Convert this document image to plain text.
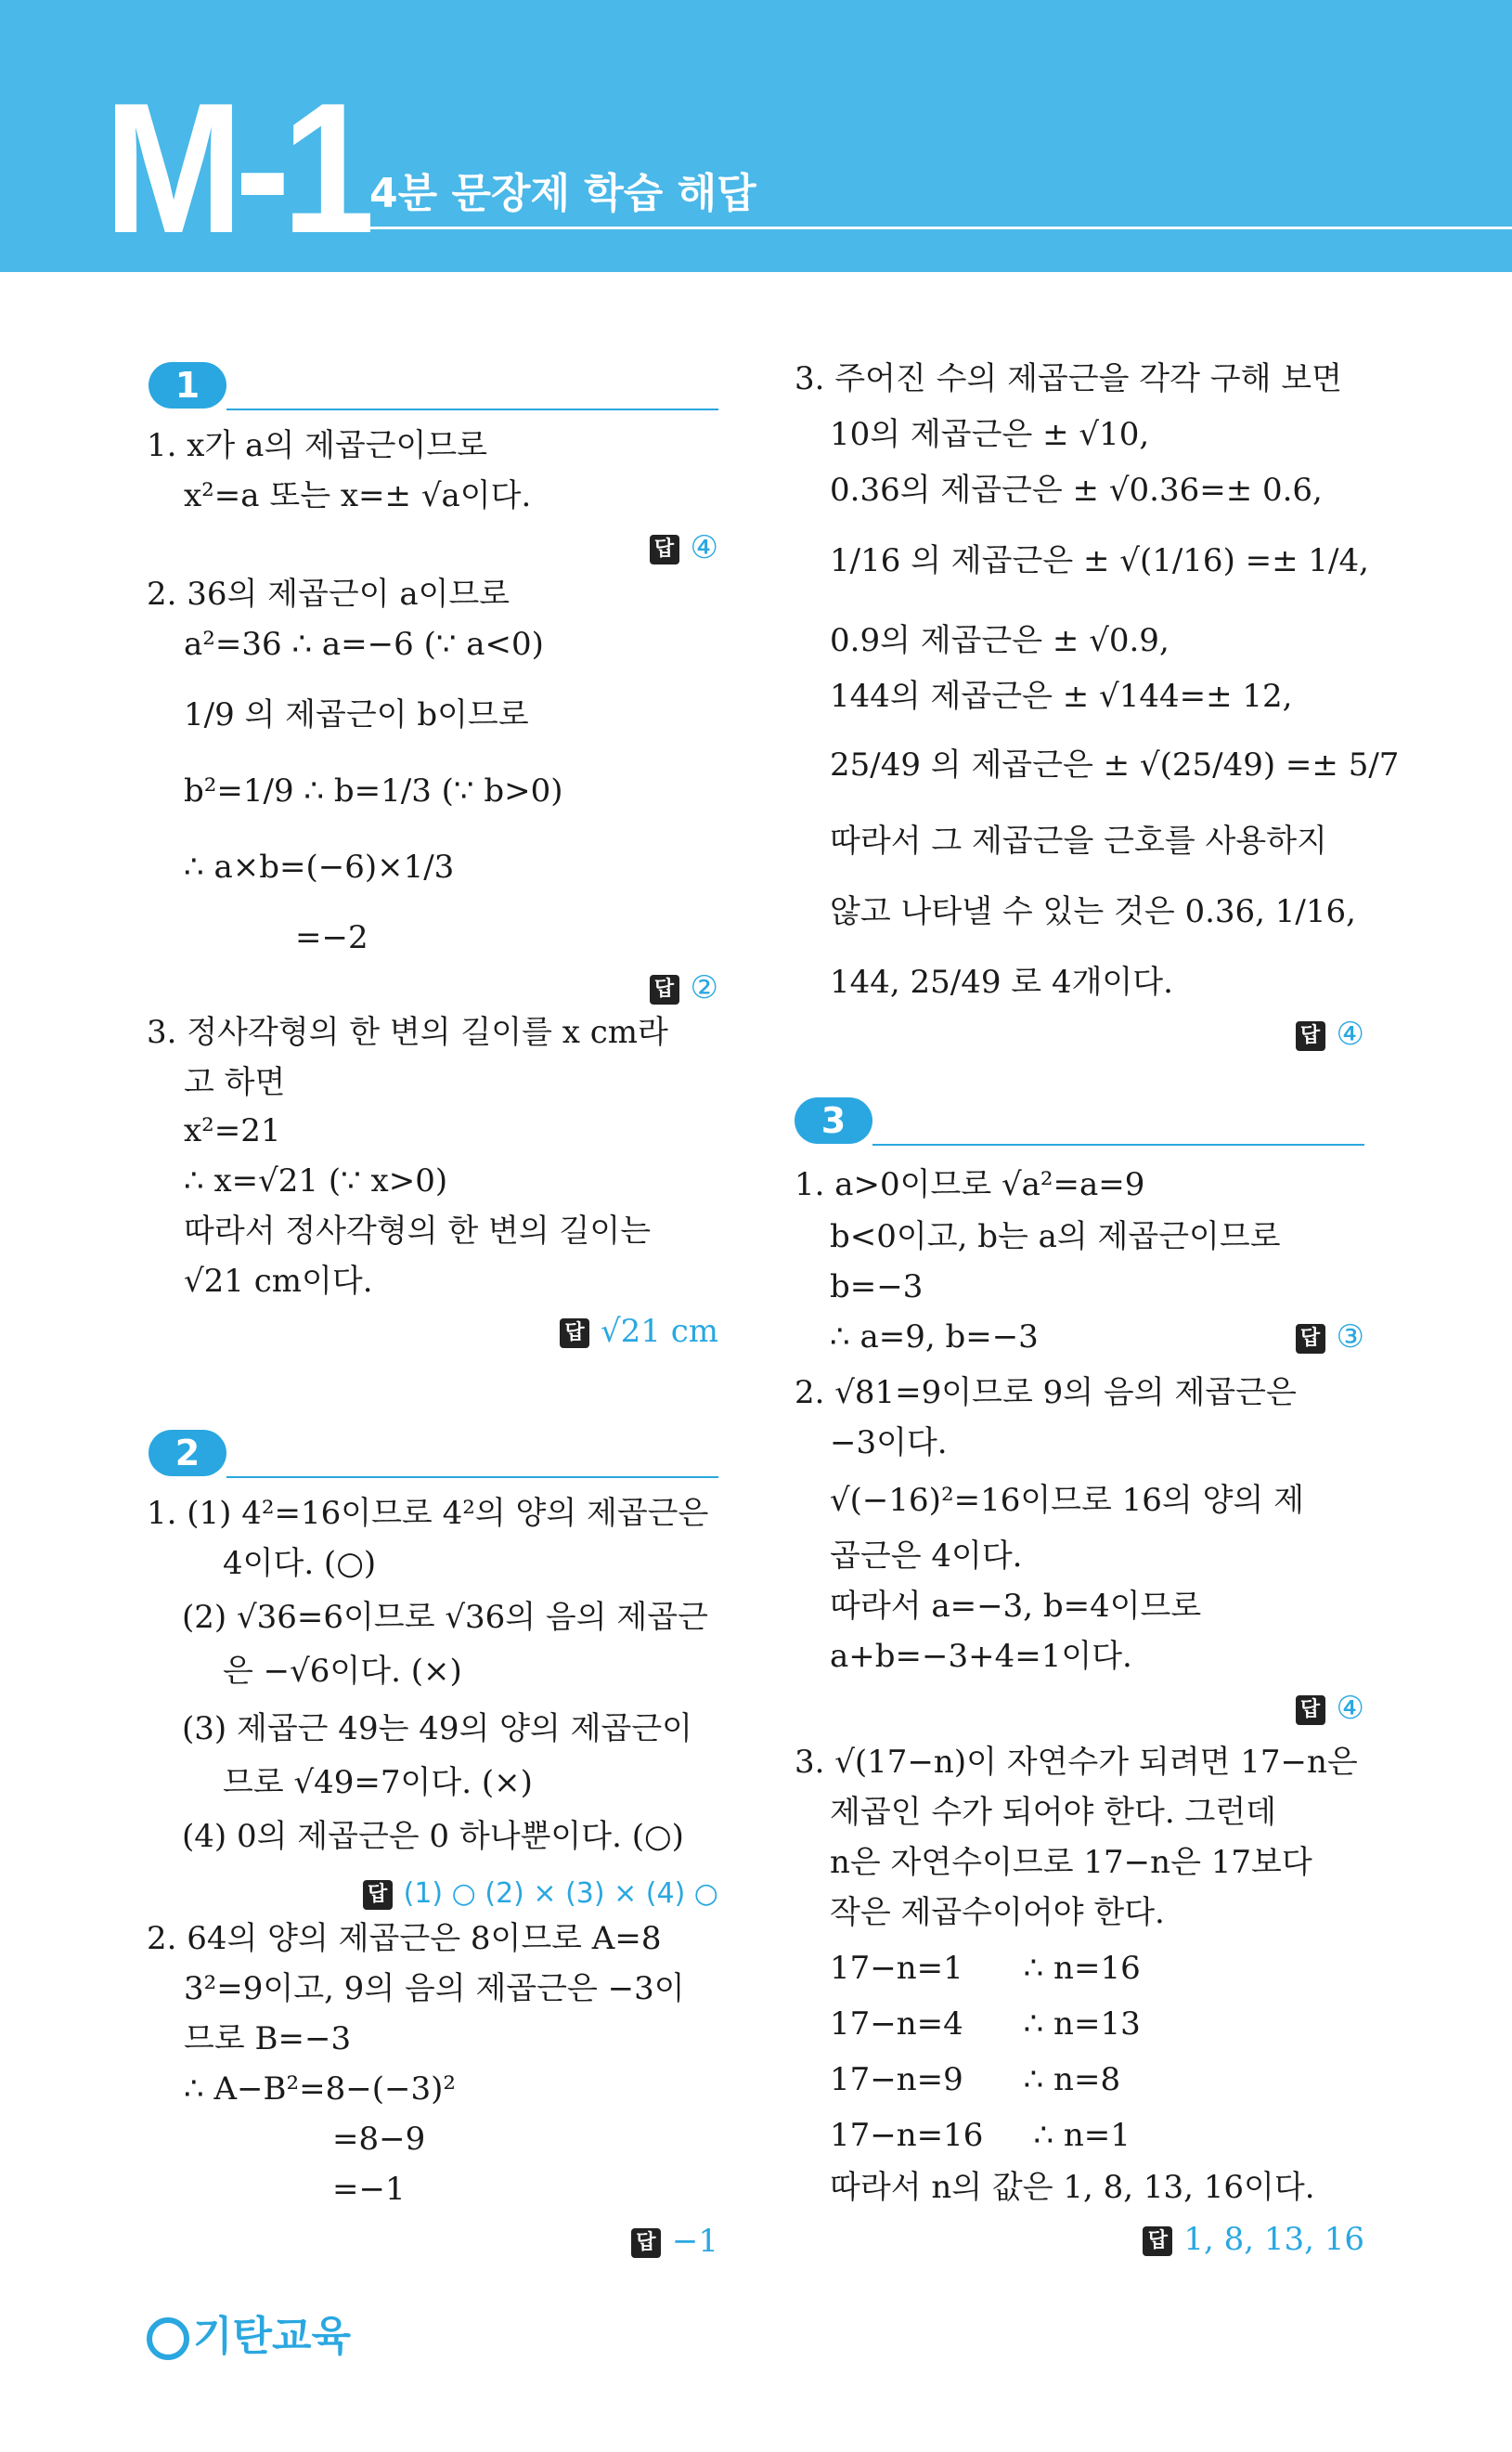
M-1 4분 문장제 학습 해답
1
1. x가 a의 제곱근이므로
x²=a 또는 x=± √a이다.
답 ④
2. 36의 제곱근이 a이므로
a²=36 ∴ a=−6 (∵ a<0)
1/9 의 제곱근이 b이므로
b²=1/9 ∴ b=1/3 (∵ b>0)
∴ a×b=(−6)×1/3
=−2
답 ②
3. 정사각형의 한 변의 길이를 x cm라
고 하면
x²=21
∴ x=√21 (∵ x>0)
따라서 정사각형의 한 변의 길이는
√21 cm이다.
답 √21 cm
2
1. (1) 4²=16이므로 4²의 양의 제곱근은
4이다. (○)
(2) √36=6이므로 √36의 음의 제곱근
은 −√6이다. (×)
(3) 제곱근 49는 49의 양의 제곱근이
므로 √49=7이다. (×)
(4) 0의 제곱근은 0 하나뿐이다. (○)
답 (1) ○ (2) × (3) × (4) ○
2. 64의 양의 제곱근은 8이므로 A=8
3²=9이고, 9의 음의 제곱근은 −3이
므로 B=−3
∴ A−B²=8−(−3)²
=8−9
=−1
답 −1
3. 주어진 수의 제곱근을 각각 구해 보면
10의 제곱근은 ± √10,
0.36의 제곱근은 ± √0.36=± 0.6,
1/16 의 제곱근은 ± √(1/16) =± 1/4,
0.9의 제곱근은 ± √0.9,
144의 제곱근은 ± √144=± 12,
25/49 의 제곱근은 ± √(25/49) =± 5/7
따라서 그 제곱근을 근호를 사용하지
않고 나타낼 수 있는 것은 0.36, 1/16,
144, 25/49 로 4개이다.
답 ④
3
1. a>0이므로 √a²=a=9
b<0이고, b는 a의 제곱근이므로
b=−3
∴ a=9, b=−3	답 ③
2. √81=9이므로 9의 음의 제곱근은
−3이다.
√(−16)²=16이므로 16의 양의 제
곱근은 4이다.
따라서 a=−3, b=4이므로
a+b=−3+4=1이다.
답 ④
3. √(17−n)이 자연수가 되려면 17−n은
제곱인 수가 되어야 한다. 그런데
n은 자연수이므로 17−n은 17보다
작은 제곱수이어야 한다.
17−n=1      ∴ n=16
17−n=4      ∴ n=13
17−n=9      ∴ n=8
17−n=16     ∴ n=1
따라서 n의 값은 1, 8, 13, 16이다.
답 1, 8, 13, 16
기탄교육
